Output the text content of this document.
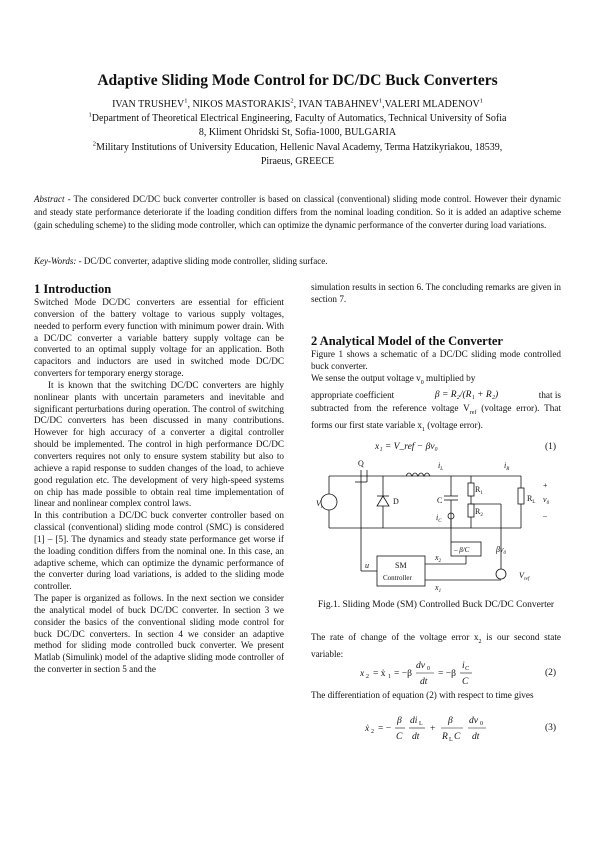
Adaptive Sliding Mode Control for DC/DC Buck Converters
IVAN TRUSHEV$^1$, NIKOS MASTORAKIS$^2$, IVAN TABAHNEV$^1$,VALERI MLADENOV$^1$
$^1$Department of Theoretical Electrical Engineering, Faculty of Automatics, Technical University of Sofia
8, Kliment Ohridski St, Sofia-1000, BULGARIA
$^2$Military Institutions of University Education, Hellenic Naval Academy, Terma Hatzikyriakou, 18539,
Piraeus, GREECE
Abstract - The considered DC/DC buck converter controller is based on classical (conventional) sliding mode control. However their dynamic and steady state performance deteriorate if the loading condition differs from the nominal loading condition. So it is added an adaptive scheme (gain scheduling scheme) to the sliding mode controller, which can optimize the dynamic performance of the converter during load variations.
Key-Words: - DC/DC converter, adaptive sliding mode controller, sliding surface.
1 Introduction

Switched Mode DC/DC converters are essential for efficient conversion of the battery voltage to various supply voltages, needed to perform every function with minimum power drain. With a DC/DC converter a variable battery supply voltage can be converted to an optimal supply voltage for an application. Both capacitors and inductors are used in switched mode DC/DC converters for temporary energy storage.

It is known that the switching DC/DC converters are highly nonlinear plants with uncertain parameters and inevitable and significant perturbations during operation. The control of switching DC/DC converters has been discussed in many contributions. However for high accuracy of a converter a digital controller should be implemented. The control in high performance DC/DC converters requires not only to ensure system stability but also to achieve a rapid response to sudden changes of the load, to achieve good regulation etc. The development of very high-speed systems on chip has made possible to obtain real time implementation of linear and nonlinear complex control laws.

In this contribution a DC/DC buck converter controller based on classical (conventional) sliding mode control (SMC) is considered [1] – [5]. The dynamics and steady state performance get worse if the loading condition differs from the nominal one. In this case, an adaptive scheme, which can optimize the dynamic performance of the converter during load variations, is added to the sliding mode controller.

The paper is organized as follows. In the next section we consider the analytical model of buck DC/DC converter. In section 3 we consider the basics of the conventional sliding mode control for buck DC/DC converters. In section 4 we consider an adaptive method for sliding mode controlled buck converter. We present Matlab (Simulink) model of the adaptive sliding mode controller of the converter in section 5 and the

simulation results in section 6. The concluding remarks are given in section 7.

2 Analytical Model of the Converter

Figure 1 shows a schematic of a DC/DC sliding mode controlled buck converter.

We sense the output voltage $v_0$ multiplied by

appropriate coefficient	β = R₂/(R₁ + R₂)	that is

subtracted from the reference voltage $V_{ref}$ (voltage error). That forms our first state variable $x_1$ (voltage error).

x₁ = V_ref − βv₀	(1)
$V_i$
Q
D
$i_L$
C
$i_C$
$i_R$
$R_1$
$R_2$
$R_L$ $v_0$
+
–
– β/C	$\beta v_0$
$x_2$
$x_1$
u	SM
Controller	$V_{ref}$
Fig.1. Sliding Mode (SM) Controlled Buck DC/DC Converter

The rate of change of the voltage error $x_2$ is our second state variable:

x 2 = ẋ 1 = −β
dv 0
dt
= −β
i C
C
(2)

The differentiation of equation (2) with respect to time gives

ẋ 2 = −
β
C
di L
dt
+
β
R L C
dv 0
dt
(3)
